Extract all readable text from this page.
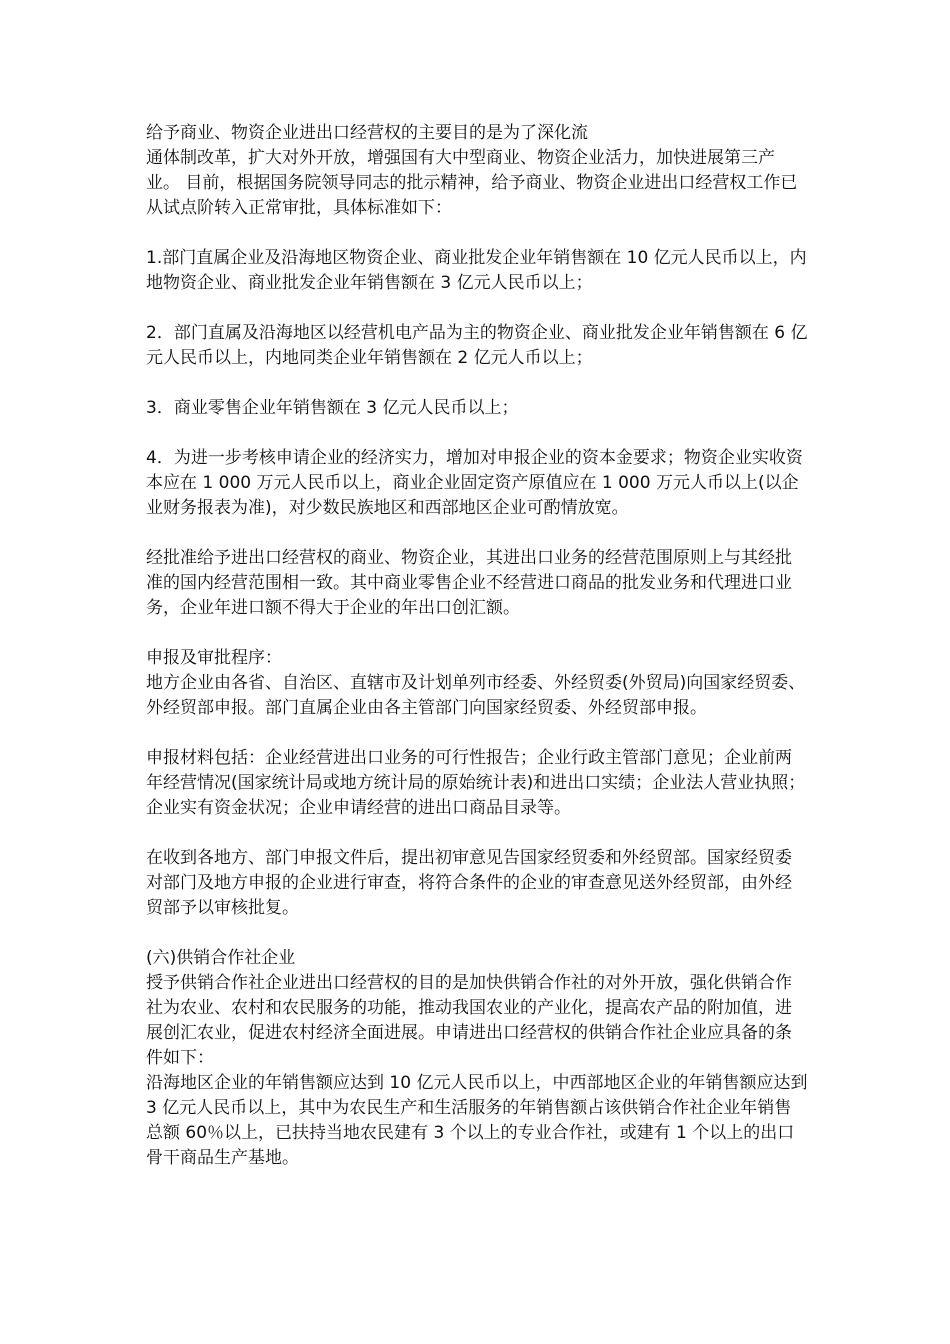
给予商业、物资企业进出口经营权的主要目的是为了深化流

通体制改革，扩大对外开放，增强国有大中型商业、物资企业活力，加快进展第三产业。 目前，根据国务院领导同志的批示精神，给予商业、物资企业进出口经营权工作已从试点阶转入正常审批，具体标准如下：

1.部门直属企业及沿海地区物资企业、商业批发企业年销售额在 10 亿元人民币以上，内地物资企业、商业批发企业年销售额在 3 亿元人民币以上；

2．部门直属及沿海地区以经营机电产品为主的物资企业、商业批发企业年销售额在 6 亿元人民币以上，内地同类企业年销售额在 2 亿元人币以上；

3．商业零售企业年销售额在 3 亿元人民币以上；

4．为进一步考核申请企业的经济实力，增加对申报企业的资本金要求；物资企业实收资本应在 1 000 万元人民币以上，商业企业固定资产原值应在 1 000 万元人币以上(以企业财务报表为准)，对少数民族地区和西部地区企业可酌情放宽。

经批准给予进出口经营权的商业、物资企业，其进出口业务的经营范围原则上与其经批准的国内经营范围相一致。其中商业零售企业不经营进口商品的批发业务和代理进口业务，企业年进口额不得大于企业的年出口创汇额。

申报及审批程序：

地方企业由各省、自治区、直辖市及计划单列市经委、外经贸委(外贸局)向国家经贸委、外经贸部申报。部门直属企业由各主管部门向国家经贸委、外经贸部申报。

申报材料包括：企业经营进出口业务的可行性报告；企业行政主管部门意见；企业前两年经营情况(国家统计局或地方统计局的原始统计表)和进出口实绩；企业法人营业执照；企业实有资金状况；企业申请经营的进出口商品目录等。

在收到各地方、部门申报文件后，提出初审意见告国家经贸委和外经贸部。国家经贸委对部门及地方申报的企业进行审查，将符合条件的企业的审查意见送外经贸部，由外经贸部予以审核批复。

(六)供销合作社企业

授予供销合作社企业进出口经营权的目的是加快供销合作社的对外开放，强化供销合作社为农业、农村和农民服务的功能，推动我国农业的产业化，提高农产品的附加值，进展创汇农业，促进农村经济全面进展。申请进出口经营权的供销合作社企业应具备的条件如下：

沿海地区企业的年销售额应达到 10 亿元人民币以上，中西部地区企业的年销售额应达到 3 亿元人民币以上，其中为农民生产和生活服务的年销售额占该供销合作社企业年销售总额 60％以上，已扶持当地农民建有 3 个以上的专业合作社，或建有 1 个以上的出口骨干商品生产基地。
